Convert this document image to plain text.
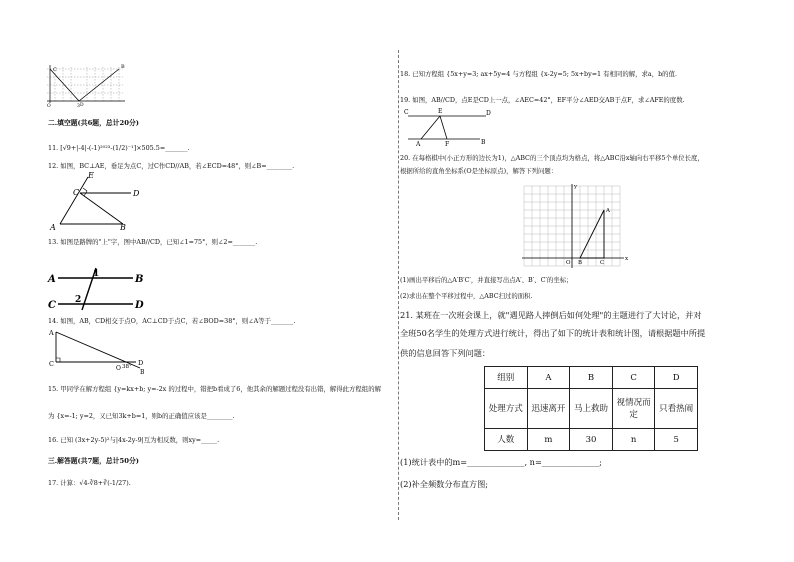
C	B
O	3 D
二.填空题(共6题，总计20分)
11. [√9+|-4|-(-1)²⁰²³-(1/2)⁻¹]×505.5=_______.
12. 如图，BC⊥AE，垂足为点C，过C作CD//AB，若∠ECD=48°，则∠B=________.
E
C	D
A	B
13. 如图是路牌的"上"字，图中AB//CD，已知∠1=75°，则∠2=_______.
A	B
C	D
1
2
14. 如图，AB，CD相交于点O，AC⊥CD于点C，若∠BOD=38°，则∠A等于_______.
A
C
O
D
B
38°
15. 甲同学在解方程组 {y=kx+b; y=-2x 的过程中，错把b看成了6，他其余的解题过程没有出错，解得此方程组的解
为 {x=-1; y=2，又已知3k+b=1，则b的正确值应该是________.
16. 已知 (3x+2y-5)²与|4x-2y-9|互为相反数，则xy=_____.
三.解答题(共7题，总计50分)
17. 计算：√4-∛8+∛(-1/27).
18. 已知方程组 {5x+y=3; ax+5y=4 与方程组 {x-2y=5; 5x+by=1 有相同的解，求a，b的值.
19. 如图，AB//CD，点E是CD上一点，∠AEC=42°，EF平分∠AED交AB于点F，求∠AFE的度数.
C	E	D
A	F	B
20. 在每格棋中(小正方形的边长为1)，△ABC的三个顶点均为格点，将△ABC沿x轴向右平移5个单位长度，
根据所给的直角坐标系(O是坐标原点)，解答下列问题：
A
O B	C
x
y
(1)画出平移后的△A′B′C′，并直接写出点A′、B′、C′的坐标；
(2)求出在整个平移过程中，△ABC扫过的面积.
21. 某班在一次班会课上，就"遇见路人摔倒后如何处理"的主题进行了大讨论，并对
全班50名学生的处理方式进行统计，得出了如下的统计表和统计图，请根据题中所提
供的信息回答下列问题：
组别	A	B	C	D
处理方式	迅速离开	马上救助	视情况而定	只看热闹
人数	m	30	n	5
(1)统计表中的m=______________, n=______________;
(2)补全频数分布直方图;
